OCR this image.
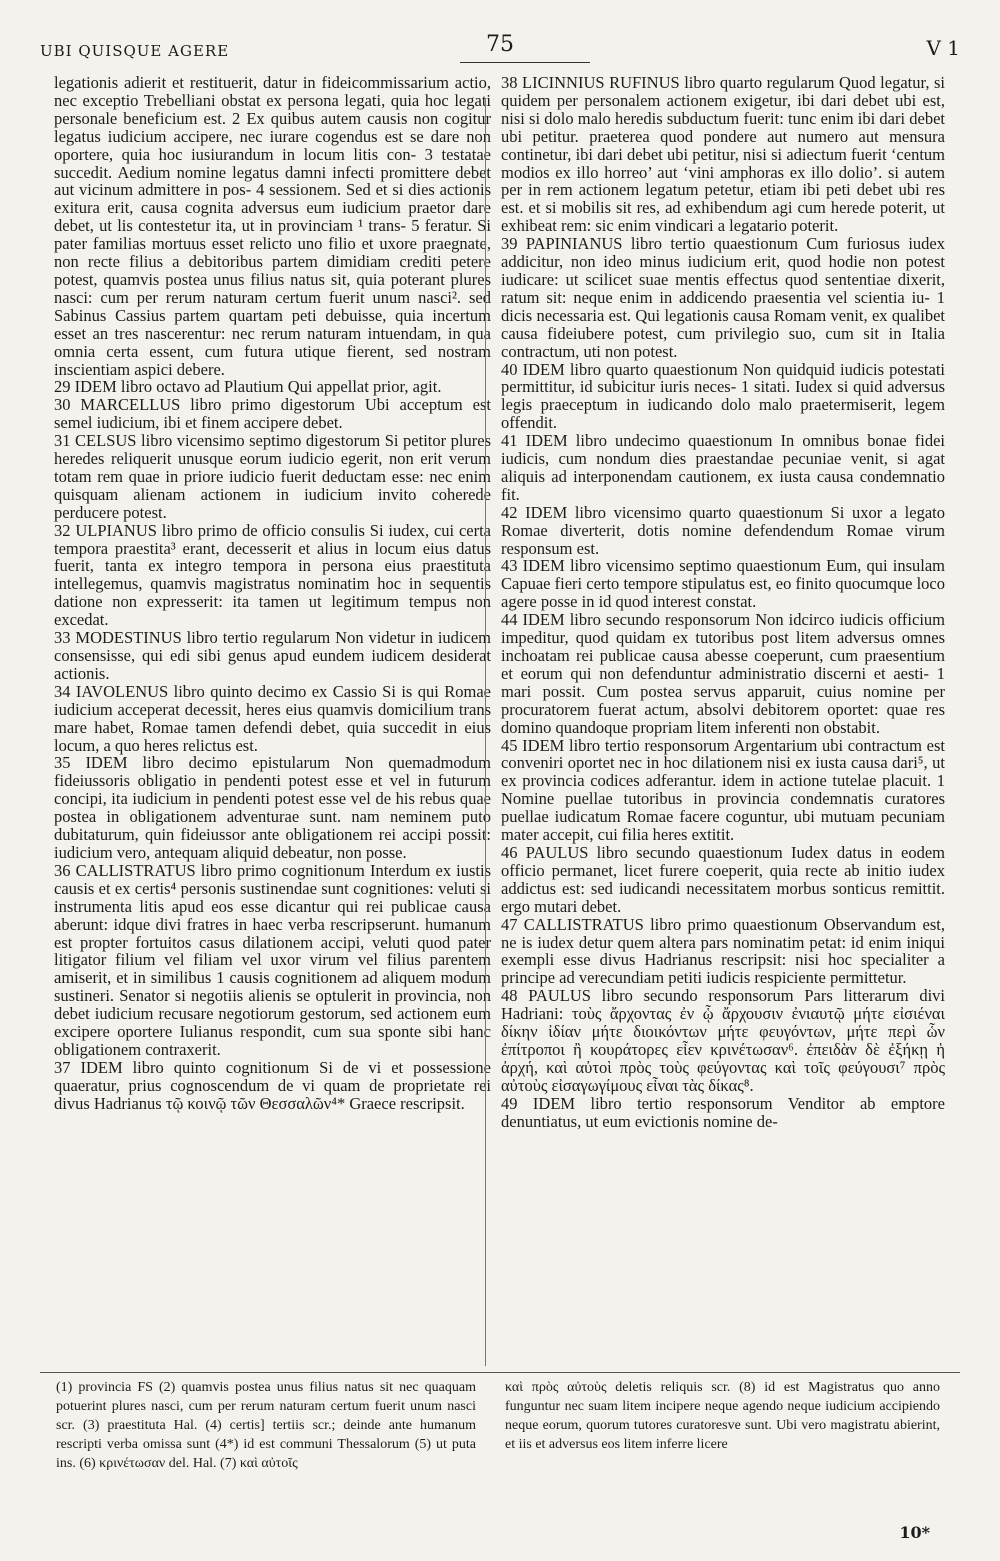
UBI QUISQUE AGERE	75	V 1

legationis adierit et restituerit, datur in fideicommissarium actio, nec exceptio Trebelliani obstat ex persona legati, quia hoc legati personale beneficium est. 2 Ex quibus autem causis non cogitur legatus iudicium accipere, nec iurare cogendus est se dare non oportere, quia hoc iusiurandum in locum litis con- 3 testatae succedit. Aedium nomine legatus damni infecti promittere debet aut vicinum admittere in pos- 4 sessionem. Sed et si dies actionis exitura erit, causa cognita adversus eum iudicium praetor dare debet, ut lis contestetur ita, ut in provinciam ¹ trans- 5 feratur. Si pater familias mortuus esset relicto uno filio et uxore praegnate, non recte filius a debitoribus partem dimidiam crediti petere potest, quamvis postea unus filius natus sit, quia poterant plures nasci: cum per rerum naturam certum fuerit unum nasci². sed Sabinus Cassius partem quartam peti debuisse, quia incertum esset an tres nascerentur: nec rerum naturam intuendam, in qua omnia certa essent, cum futura utique fierent, sed nostram inscientiam aspici debere.

29 IDEM libro octavo ad Plautium Qui appellat prior, agit.

30 MARCELLUS libro primo digestorum Ubi acceptum est semel iudicium, ibi et finem accipere debet.

31 CELSUS libro vicensimo septimo digestorum Si petitor plures heredes reliquerit unusque eorum iudicio egerit, non erit verum totam rem quae in priore iudicio fuerit deductam esse: nec enim quisquam alienam actionem in iudicium invito coherede perducere potest.

32 ULPIANUS libro primo de officio consulis Si iudex, cui certa tempora praestita³ erant, decesserit et alius in locum eius datus fuerit, tanta ex integro tempora in persona eius praestituta intellegemus, quamvis magistratus nominatim hoc in sequentis datione non expresserit: ita tamen ut legitimum tempus non excedat.

33 MODESTINUS libro tertio regularum Non videtur in iudicem consensisse, qui edi sibi genus apud eundem iudicem desiderat actionis.

34 IAVOLENUS libro quinto decimo ex Cassio Si is qui Romae iudicium acceperat decessit, heres eius quamvis domicilium trans mare habet, Romae tamen defendi debet, quia succedit in eius locum, a quo heres relictus est.

35 IDEM libro decimo epistularum Non quemadmodum fideiussoris obligatio in pendenti potest esse et vel in futurum concipi, ita iudicium in pendenti potest esse vel de his rebus quae postea in obligationem adventurae sunt. nam neminem puto dubitaturum, quin fideiussor ante obligationem rei accipi possit: iudicium vero, antequam aliquid debeatur, non posse.

36 CALLISTRATUS libro primo cognitionum Interdum ex iustis causis et ex certis⁴ personis sustinendae sunt cognitiones: veluti si instrumenta litis apud eos esse dicantur qui rei publicae causa aberunt: idque divi fratres in haec verba rescripserunt. humanum est propter fortuitos casus dilationem accipi, veluti quod pater litigator filium vel filiam vel uxor virum vel filius parentem amiserit, et in similibus 1 causis cognitionem ad aliquem modum sustineri. Senator si negotiis alienis se optulerit in provincia, non debet iudicium recusare negotiorum gestorum, sed actionem eum excipere oportere Iulianus respondit, cum sua sponte sibi hanc obligationem contraxerit.

37 IDEM libro quinto cognitionum Si de vi et possessione quaeratur, prius cognoscendum de vi quam de proprietate rei divus Hadrianus τῷ κοινῷ τῶν Θεσσαλῶν⁴* Graece rescripsit.

38 LICINNIUS RUFINUS libro quarto regularum Quod legatur, si quidem per personalem actionem exigetur, ibi dari debet ubi est, nisi si dolo malo heredis subductum fuerit: tunc enim ibi dari debet ubi petitur. praeterea quod pondere aut numero aut mensura continetur, ibi dari debet ubi petitur, nisi si adiectum fuerit ‘centum modios ex illo horreo’ aut ‘vini amphoras ex illo dolio’. si autem per in rem actionem legatum petetur, etiam ibi peti debet ubi res est. et si mobilis sit res, ad exhibendum agi cum herede poterit, ut exhibeat rem: sic enim vindicari a legatario poterit.

39 PAPINIANUS libro tertio quaestionum Cum furiosus iudex addicitur, non ideo minus iudicium erit, quod hodie non potest iudicare: ut scilicet suae mentis effectus quod sententiae dixerit, ratum sit: neque enim in addicendo praesentia vel scientia iu- 1 dicis necessaria est. Qui legationis causa Romam venit, ex qualibet causa fideiubere potest, cum privilegio suo, cum sit in Italia contractum, uti non potest.

40 IDEM libro quarto quaestionum Non quidquid iudicis potestati permittitur, id subicitur iuris neces- 1 sitati. Iudex si quid adversus legis praeceptum in iudicando dolo malo praetermiserit, legem offendit.

41 IDEM libro undecimo quaestionum In omnibus bonae fidei iudicis, cum nondum dies praestandae pecuniae venit, si agat aliquis ad interponendam cautionem, ex iusta causa condemnatio fit.

42 IDEM libro vicensimo quarto quaestionum Si uxor a legato Romae diverterit, dotis nomine defendendum Romae virum responsum est.

43 IDEM libro vicensimo septimo quaestionum Eum, qui insulam Capuae fieri certo tempore stipulatus est, eo finito quocumque loco agere posse in id quod interest constat.

44 IDEM libro secundo responsorum Non idcirco iudicis officium impeditur, quod quidam ex tutoribus post litem adversus omnes inchoatam rei publicae causa abesse coeperunt, cum praesentium et eorum qui non defenduntur administratio discerni et aesti- 1 mari possit. Cum postea servus apparuit, cuius nomine per procuratorem fuerat actum, absolvi debitorem oportet: quae res domino quandoque propriam litem inferenti non obstabit.

45 IDEM libro tertio responsorum Argentarium ubi contractum est conveniri oportet nec in hoc dilationem nisi ex iusta causa dari⁵, ut ex provincia codices adferantur. idem in actione tutelae placuit. 1 Nomine puellae tutoribus in provincia condemnatis curatores puellae iudicatum Romae facere coguntur, ubi mutuam pecuniam mater accepit, cui filia heres extitit.

46 PAULUS libro secundo quaestionum Iudex datus in eodem officio permanet, licet furere coeperit, quia recte ab initio iudex addictus est: sed iudicandi necessitatem morbus sonticus remittit. ergo mutari debet.

47 CALLISTRATUS libro primo quaestionum Observandum est, ne is iudex detur quem altera pars nominatim petat: id enim iniqui exempli esse divus Hadrianus rescripsit: nisi hoc specialiter a principe ad verecundiam petiti iudicis respiciente permittetur.

48 PAULUS libro secundo responsorum Pars litterarum divi Hadriani: τοὺς ἄρχοντας ἐν ᾧ ἄρχουσιν ἐνιαυτῷ μήτε εἰσιέναι δίκην ἰδίαν μήτε διοικόντων μήτε φευγόντων, μήτε περὶ ὧν ἐπίτροποι ἢ κουράτορες εἶεν κρινέτωσαν⁶. ἐπειδὰν δὲ ἐξήκῃ ἡ ἀρχή, καὶ αὐτοὶ πρὸς τοὺς φεύγοντας καὶ τοῖς φεύγουσι⁷ πρὸς αὐτοὺς εἰσαγωγίμους εἶναι τὰς δίκας⁸.

49 IDEM libro tertio responsorum Venditor ab emptore denuntiatus, ut eum evictionis nomine de-

(1) provincia FS (2) quamvis postea unus filius natus sit nec quaquam potuerint plures nasci, cum per rerum naturam certum fuerit unum nasci scr. (3) praestituta Hal. (4) certis] tertiis scr.; deinde ante humanum rescripti verba omissa sunt (4*) id est communi Thessalorum (5) ut puta ins. (6) κρινέτωσαν del. Hal. (7) καὶ αὐτοῖς

καὶ πρὸς αὐτοὺς deletis reliquis scr. (8) id est Magistratus quo anno funguntur nec suam litem incipere neque agendo neque iudicium accipiendo neque eorum, quorum tutores curatoresve sunt. Ubi vero magistratu abierint, et iis et adversus eos litem inferre licere

10*
